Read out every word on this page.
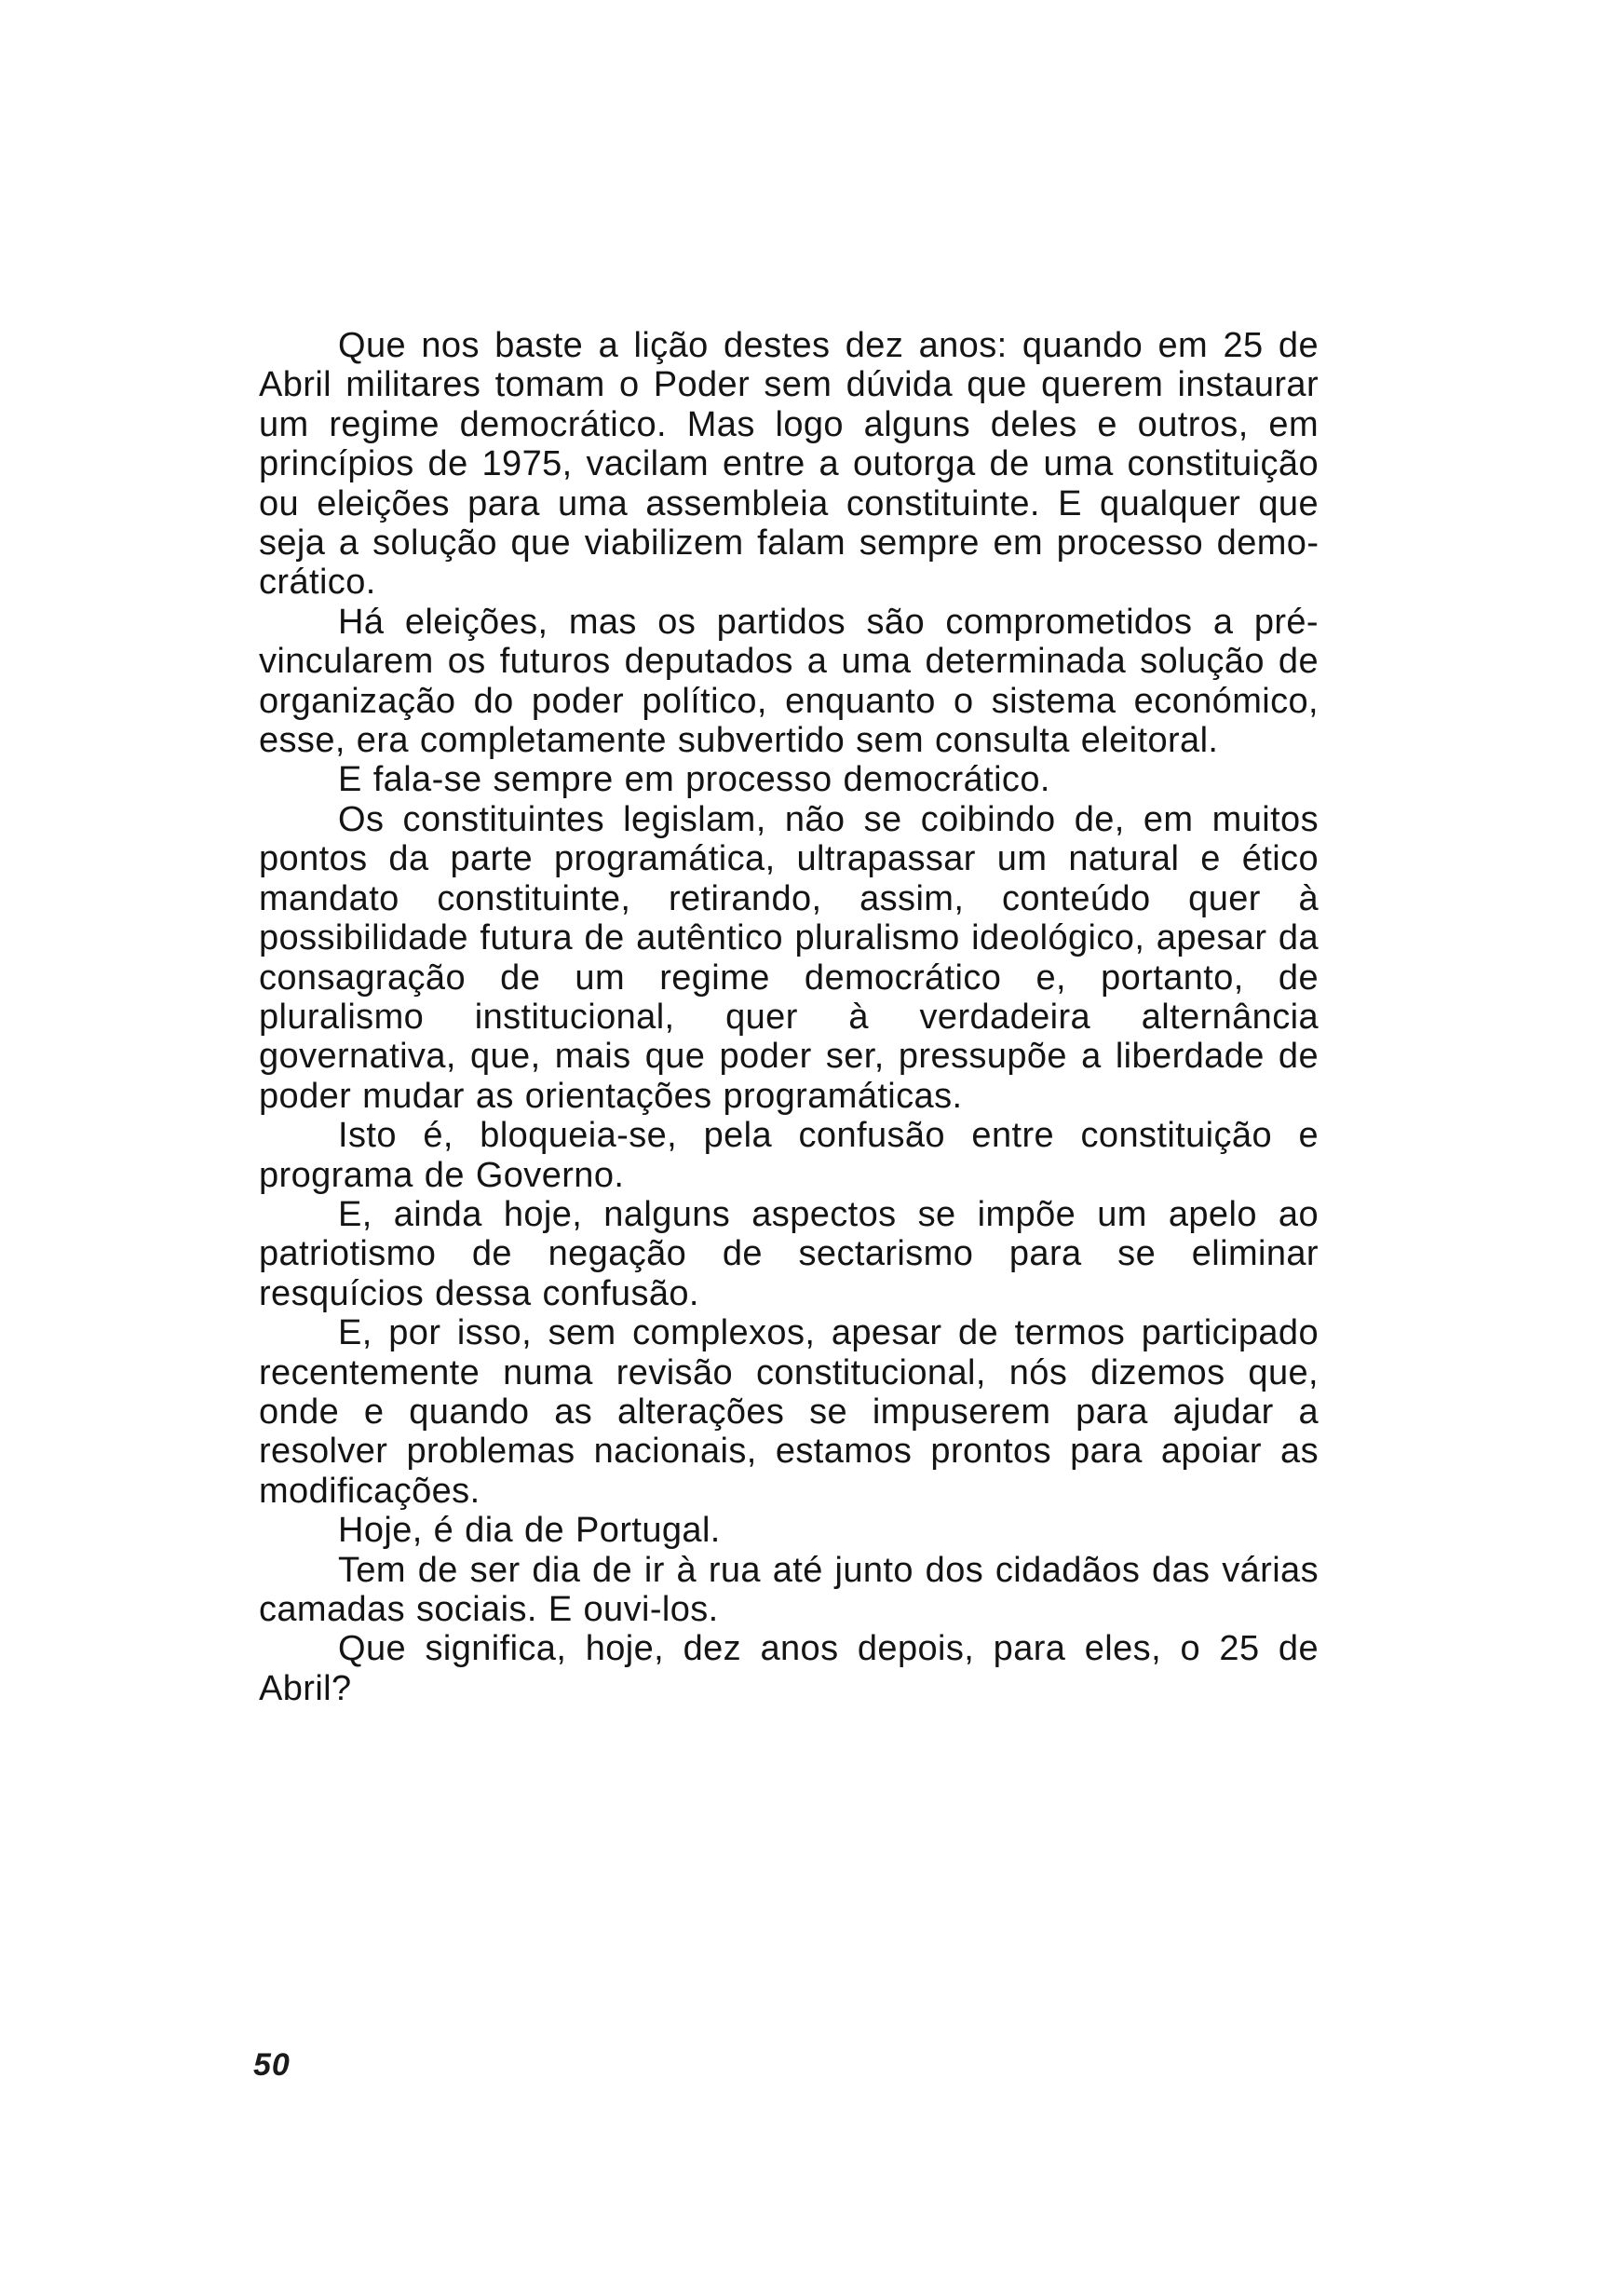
Que nos baste a lição destes dez anos: quando em 25 de Abril militares tomam o Poder sem dúvida que querem instaurar um regime democrático. Mas logo alguns deles e outros, em princípios de 1975, vacilam entre a outorga de uma constituição ou eleições para uma assembleia constituinte. E qualquer que seja a solução que viabilizem falam sempre em processo democrático.

Há eleições, mas os partidos são comprometidos a pré-vincularem os futuros deputados a uma determinada solução de organização do poder político, enquanto o sistema económico, esse, era completamente subvertido sem consulta eleitoral.

E fala-se sempre em processo democrático.

Os constituintes legislam, não se coibindo de, em muitos pontos da parte programática, ultrapassar um natural e ético mandato constituinte, retirando, assim, conteúdo quer à possibilidade futura de autêntico pluralismo ideológico, apesar da consagração de um regime democrático e, portanto, de pluralismo institucional, quer à verdadeira alternância governativa, que, mais que poder ser, pressupõe a liberdade de poder mudar as orientações programáticas.

Isto é, bloqueia-se, pela confusão entre constituição e programa de Governo.

E, ainda hoje, nalguns aspectos se impõe um apelo ao patriotismo de negação de sectarismo para se eliminar resquícios dessa confusão.

E, por isso, sem complexos, apesar de termos participado recentemente numa revisão constitucional, nós dizemos que, onde e quando as alterações se impuserem para ajudar a resolver problemas nacionais, estamos prontos para apoiar as modificações.

Hoje, é dia de Portugal.

Tem de ser dia de ir à rua até junto dos cidadãos das várias camadas sociais. E ouvi-los.

Que significa, hoje, dez anos depois, para eles, o 25 de Abril?

50
